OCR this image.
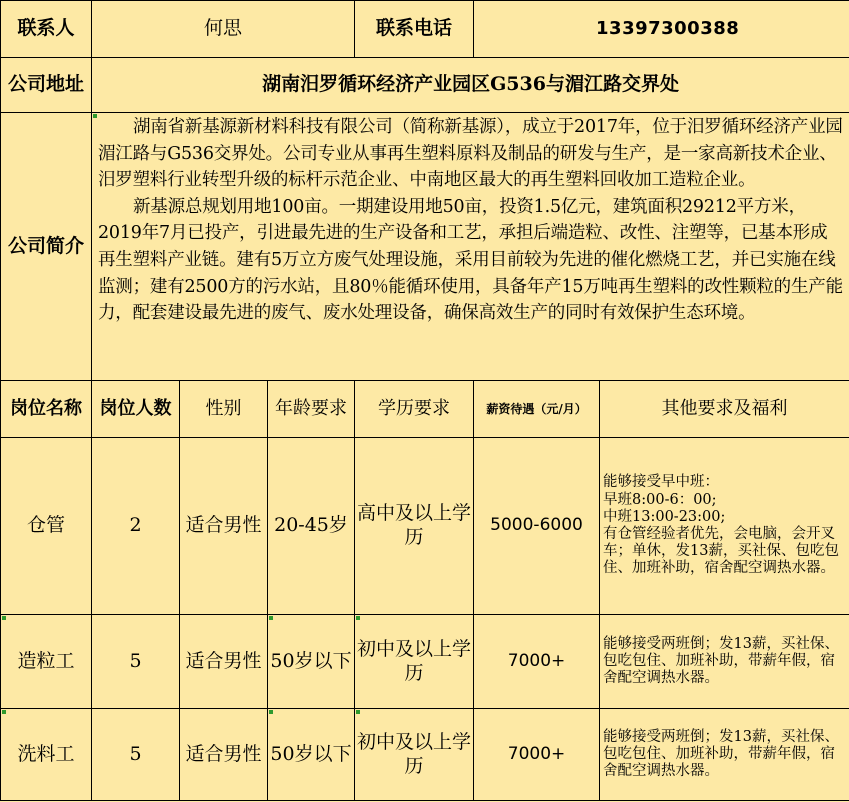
联系人	何思			联系电话	13397300388	
公司地址	湖南汨罗循环经济产业园区G536与湄江路交界处					
公司简介	湖南省新基源新材料科技有限公司（简称新基源），成立于2017年，位于汨罗循环经济产业园湄江路与G536交界处。公司专业从事再生塑料原料及制品的研发与生产，是一家高新技术企业、汨罗塑料行业转型升级的标杆示范企业、中南地区最大的再生塑料回收加工造粒企业。

新基源总规划用地100亩。一期建设用地50亩，投资1.5亿元，建筑面积29212平方米，2019年7月已投产，引进最先进的生产设备和工艺，承担后端造粒、改性、注塑等，已基本形成再生塑料产业链。建有5万立方废气处理设施，采用目前较为先进的催化燃烧工艺，并已实施在线监测；建有2500方的污水站，且80％能循环使用，具备年产15万吨再生塑料的改性颗粒的生产能力，配套建设最先进的废气、废水处理设备，确保高效生产的同时有效保护生态环境。					

岗位名称	岗位人数	性别	年龄要求	学历要求	薪资待遇（元/月）	其他要求及福利
仓管	2	适合男性	20-45岁	高中及以上学历	5000-6000	能够接受早中班：
早班8:00-6：00;
中班13:00-23:00;
有仓管经验者优先，会电脑，会开叉车；单休，发13薪，买社保、包吃包住、加班补助，宿舍配空调热水器。

造粒工	5	适合男性	50岁以下	初中及以上学历	7000+	能够接受两班倒；发13薪，买社保、包吃包住、加班补助，带薪年假，宿舍配空调热水器。

洗料工	5	适合男性	50岁以下	初中及以上学历	7000+	能够接受两班倒；发13薪，买社保、包吃包住、加班补助，带薪年假，宿舍配空调热水器。
